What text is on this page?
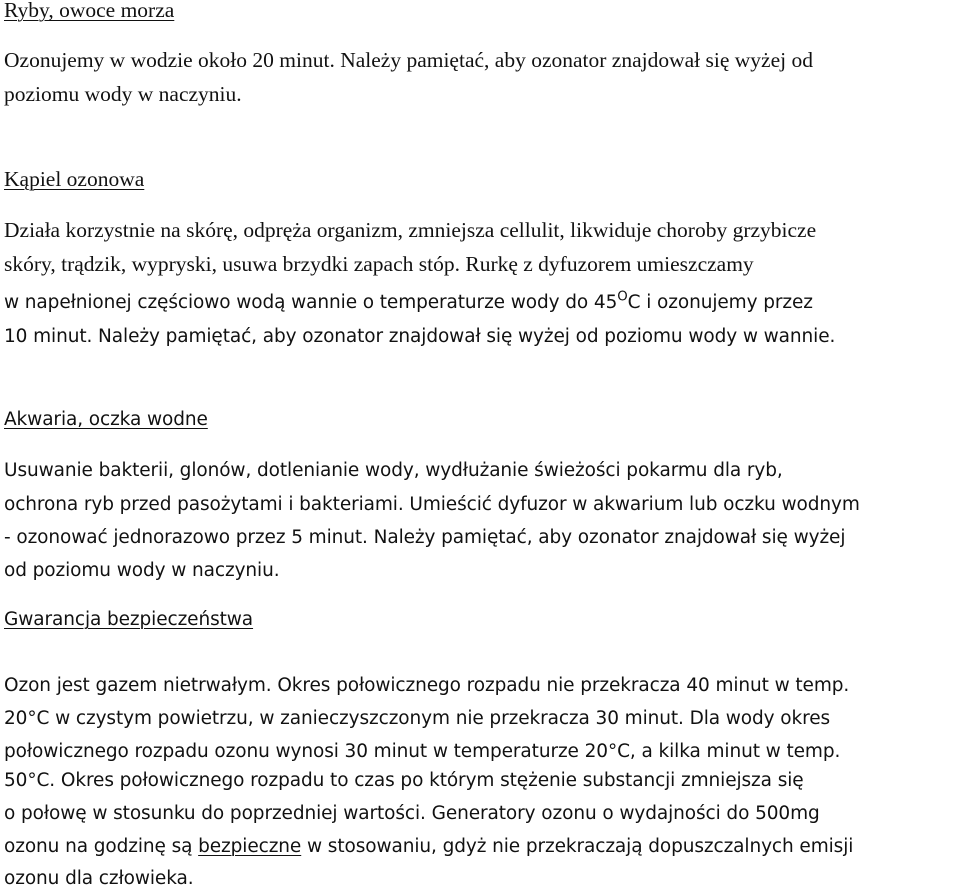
Ryby, owoce morza

Ozonujemy w wodzie około 20 minut. Należy pamiętać, aby ozonator znajdował się wyżej od

poziomu wody w naczyniu.

Kąpiel ozonowa

Działa korzystnie na skórę, odpręża organizm, zmniejsza cellulit, likwiduje choroby grzybicze

skóry, trądzik, wypryski, usuwa brzydki zapach stóp. Rurkę z dyfuzorem umieszczamy

w napełnionej częściowo wodą wannie o temperaturze wody do $45^OC$ i ozonujemy przez

10 minut. Należy pamiętać, aby ozonator znajdował się wyżej od poziomu wody w wannie.

Akwaria, oczka wodne

Usuwanie bakterii, glonów, dotlenianie wody, wydłużanie świeżości pokarmu dla ryb,

ochrona ryb przed pasożytami i bakteriami. Umieścić dyfuzor w akwarium lub oczku wodnym

- ozonować jednorazowo przez 5 minut. Należy pamiętać, aby ozonator znajdował się wyżej

od poziomu wody w naczyniu.

Gwarancja bezpieczeństwa

Ozon jest gazem nietrwałym. Okres połowicznego rozpadu nie przekracza 40 minut w temp.

20°C w czystym powietrzu, w zanieczyszczonym nie przekracza 30 minut. Dla wody okres

połowicznego rozpadu ozonu wynosi 30 minut w temperaturze 20°C, a kilka minut w temp.

50°C. Okres połowicznego rozpadu to czas po którym stężenie substancji zmniejsza się

o połowę w stosunku do poprzedniej wartości. Generatory ozonu o wydajności do 500mg

ozonu na godzinę są bezpieczne w stosowaniu, gdyż nie przekraczają dopuszczalnych emisji

ozonu dla człowieka.
